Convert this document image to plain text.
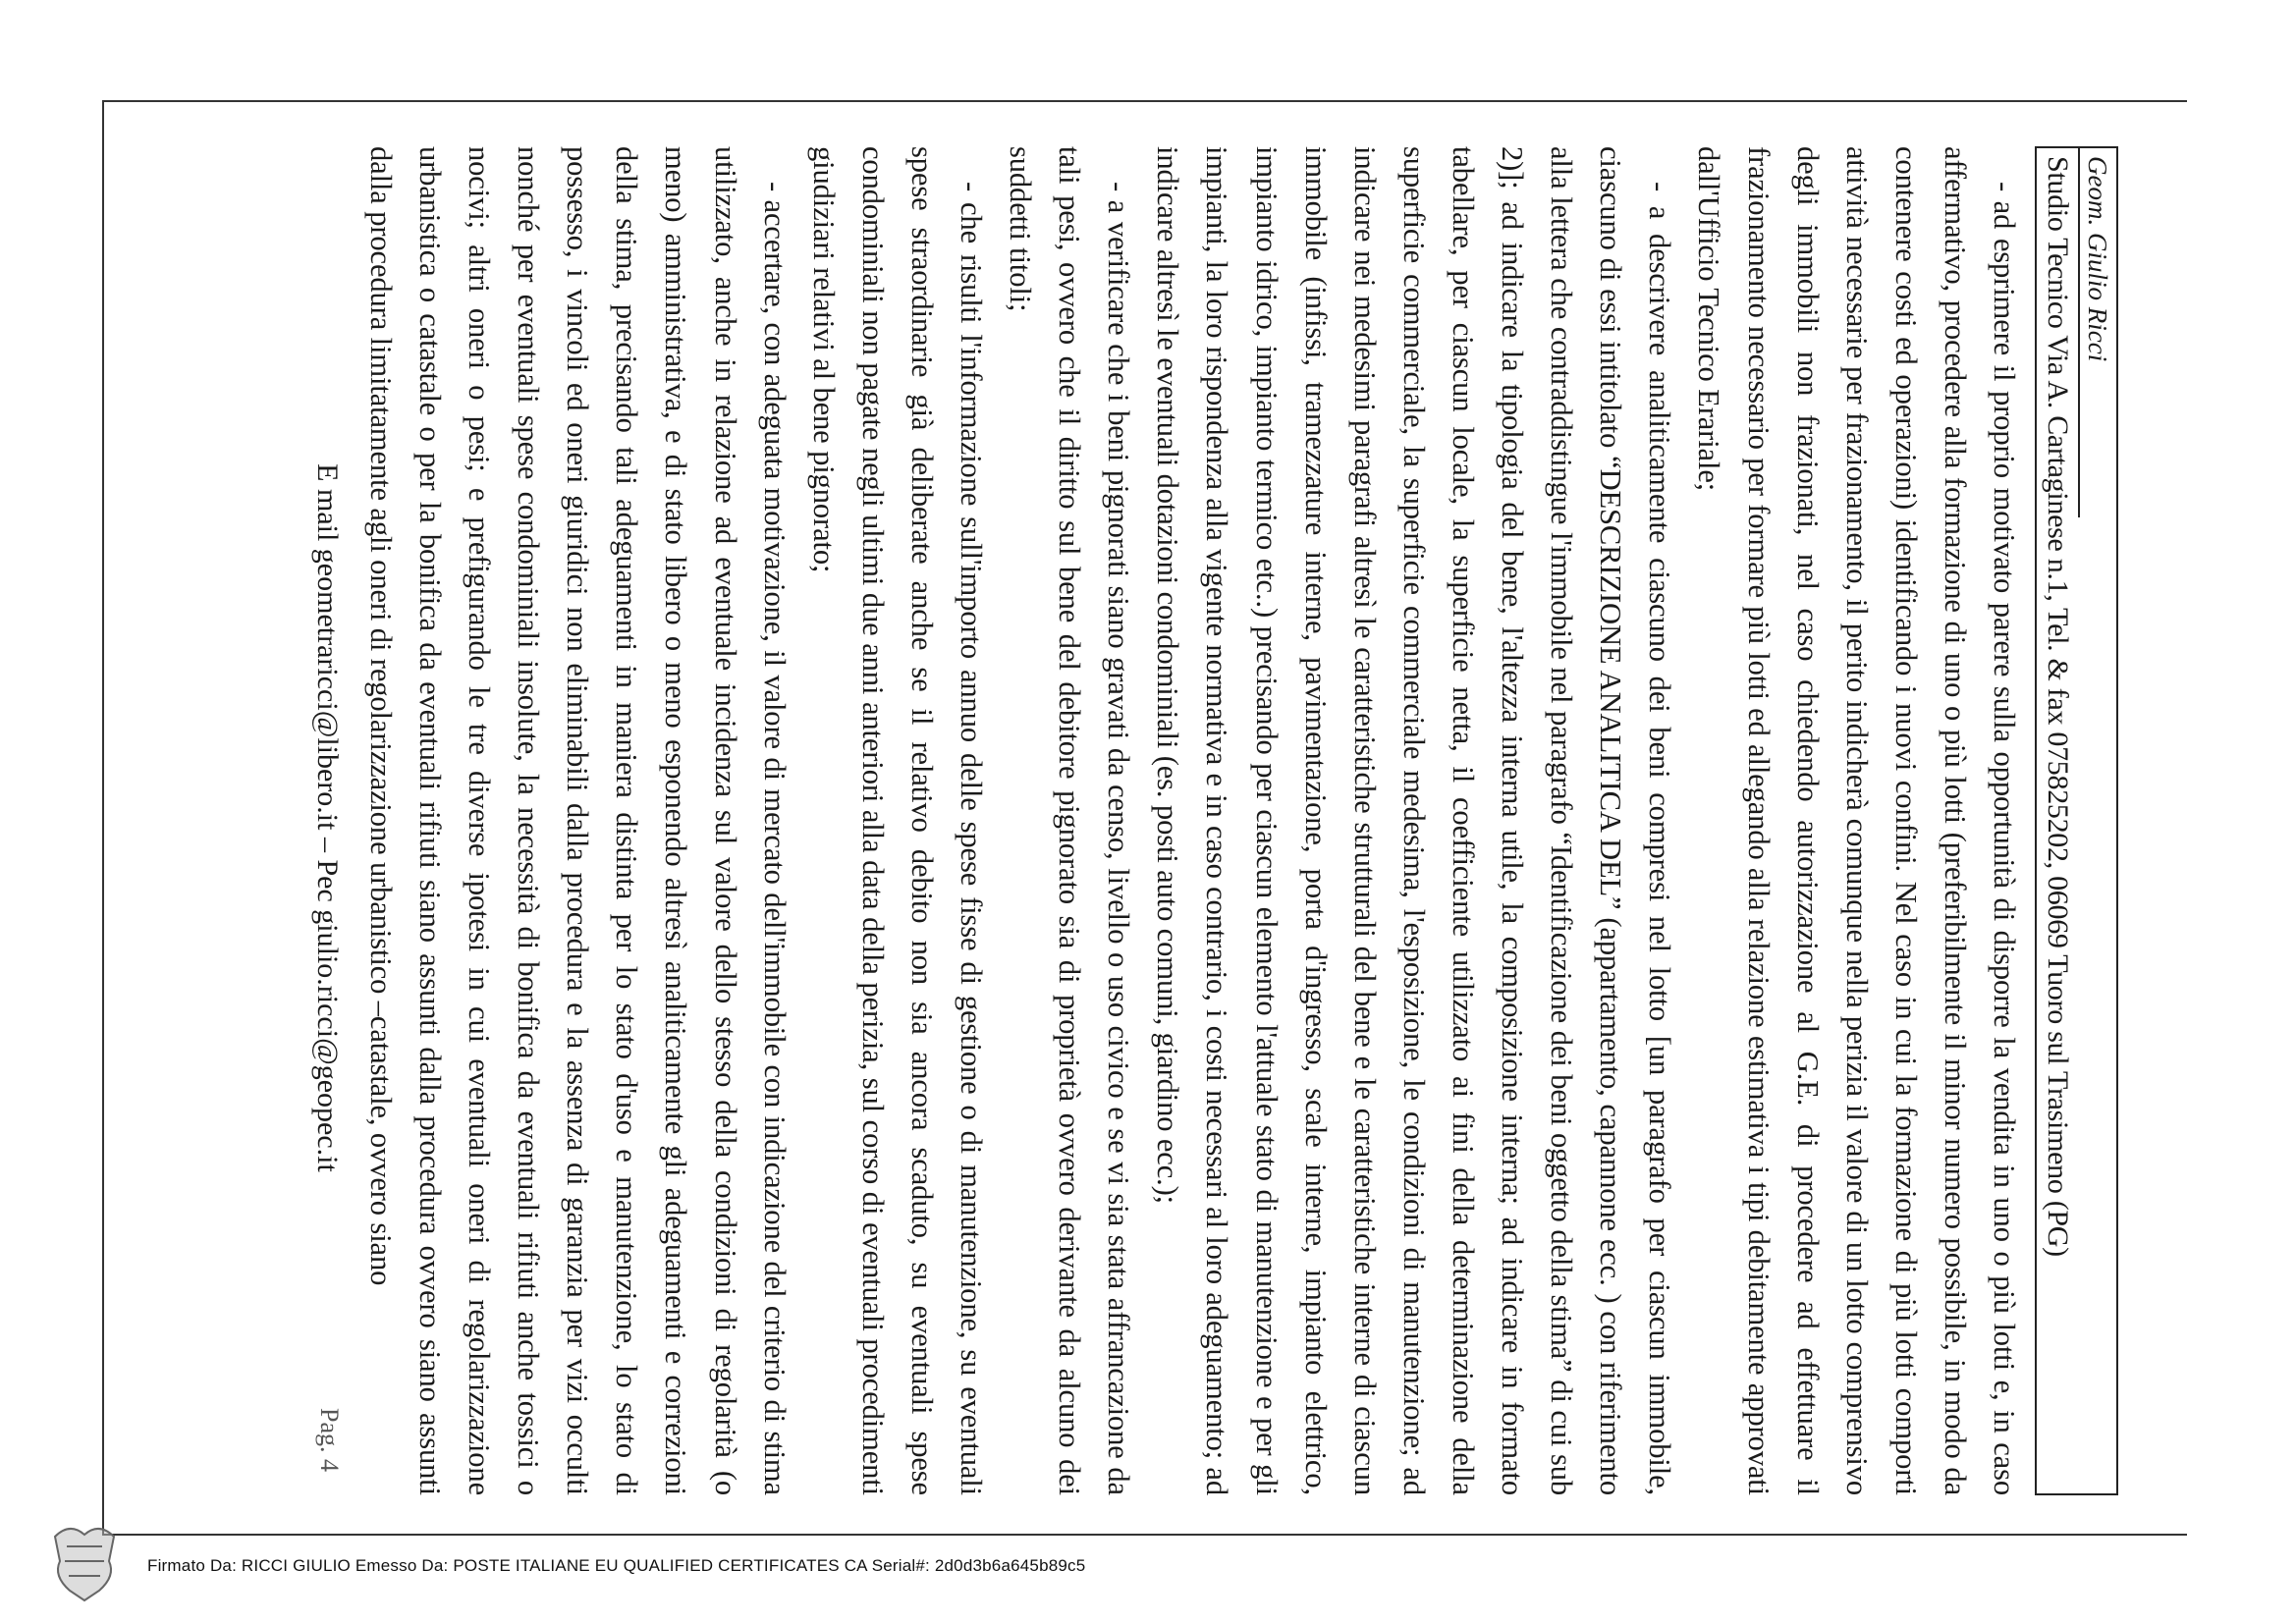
Geom. Giulio Ricci
Studio Tecnico Via A. Cartaginese n.1, Tel. & fax 075825202, 06069 Tuoro sul Trasimeno (PG)

- ad esprimere il proprio motivato parere sulla opportunità di disporre la vendita in uno o più lotti e, in caso affermativo, procedere alla formazione di uno o più lotti (preferibilmente il minor numero possibile, in modo da contenere costi ed operazioni) identificando i nuovi confini. Nel caso in cui la formazione di più lotti comporti attività necessarie per frazionamento, il perito indicherà comunque nella perizia il valore di un lotto comprensivo degli immobili non frazionati, nel caso chiedendo autorizzazione al G.E. di procedere ad effettuare il frazionamento necessario per formare più lotti ed allegando alla relazione estimativa i tipi debitamente approvati dall'Ufficio Tecnico Erariale;

- a descrivere analiticamente ciascuno dei beni compresi nel lotto [un paragrafo per ciascun immobile, ciascuno di essi intitolato “DESCRIZIONE ANALITICA DEL” (appartamento, capannone ecc. ) con riferimento alla lettera che contraddistingue l'immobile nel paragrafo “Identificazione dei beni oggetto della stima” di cui sub 2)]; ad indicare la tipologia del bene, l'altezza interna utile, la composizione interna; ad indicare in formato tabellare, per ciascun locale, la superficie netta, il coefficiente utilizzato ai fini della determinazione della superficie commerciale, la superficie commerciale medesima, l'esposizione, le condizioni di manutenzione; ad indicare nei medesimi paragrafi altresì le caratteristiche strutturali del bene e le caratteristiche interne di ciascun immobile (infissi, tramezzature interne, pavimentazione, porta d'ingresso, scale interne, impianto elettrico, impianto idrico, impianto termico etc..) precisando per ciascun elemento l'attuale stato di manutenzione e per gli impianti, la loro rispondenza alla vigente normativa e in caso contrario, i costi necessari al loro adeguamento; ad indicare altresì le eventuali dotazioni condominiali (es. posti auto comuni, giardino ecc.);

- a verificare che i beni pignorati siano gravati da censo, livello o uso civico e se vi sia stata affrancazione da tali pesi, ovvero che il diritto sul bene del debitore pignorato sia di proprietà ovvero derivante da alcuno dei suddetti titoli;

- che risulti l'informazione sull'importo annuo delle spese fisse di gestione o di manutenzione, su eventuali spese straordinarie già deliberate anche se il relativo debito non sia ancora scaduto, su eventuali spese condominiali non pagate negli ultimi due anni anteriori alla data della perizia, sul corso di eventuali procedimenti giudiziari relativi al bene pignorato;

- accertare, con adeguata motivazione, il valore di mercato dell'immobile con indicazione del criterio di stima utilizzato, anche in relazione ad eventuale incidenza sul valore dello stesso della condizioni di regolarità (o meno) amministrativa, e di stato libero o meno esponendo altresì analiticamente gli adeguamenti e correzioni della stima, precisando tali adeguamenti in maniera distinta per lo stato d'uso e manutenzione, lo stato di possesso, i vincoli ed oneri giuridici non eliminabili dalla procedura e la assenza di garanzia per vizi occulti nonché per eventuali spese condominiali insolute, la necessità di bonifica da eventuali rifiuti anche tossici o nocivi; altri oneri o pesi; e prefigurando le tre diverse ipotesi in cui eventuali oneri di regolarizzazione urbanistica o catastale o per la bonifica da eventuali rifiuti siano assunti dalla procedura ovvero siano assunti dalla procedura limitatamente agli oneri di regolarizzazione urbanistico –catastale, ovvero siano

E mail geometraricci@libero.it – Pec giulio.ricci@geopec.it
Pag. 4
Firmato Da: RICCI GIULIO Emesso Da: POSTE ITALIANE EU QUALIFIED CERTIFICATES CA Serial#: 2d0d3b6a645b89c5
